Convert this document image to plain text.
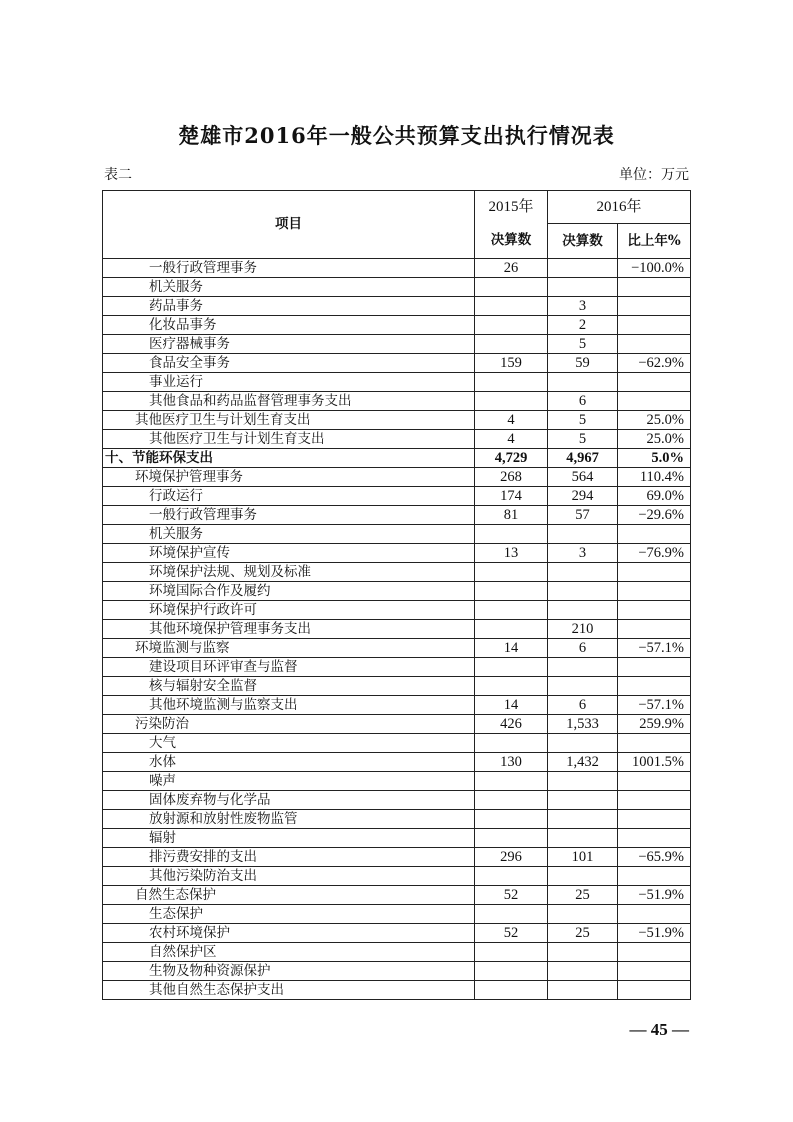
楚雄市2016年一般公共预算支出执行情况表
表二	单位：万元
项目	2015年	2016年	
	决算数	决算数	比上年%
一般行政管理事务	26		−100.0%
机关服务			
药品事务		3	
化妆品事务		2	
医疗器械事务		5	
食品安全事务	159	59	−62.9%
事业运行			
其他食品和药品监督管理事务支出		6	
其他医疗卫生与计划生育支出	4	5	25.0%
其他医疗卫生与计划生育支出	4	5	25.0%
十、节能环保支出	4,729	4,967	5.0%
环境保护管理事务	268	564	110.4%
行政运行	174	294	69.0%
一般行政管理事务	81	57	−29.6%
机关服务			
环境保护宣传	13	3	−76.9%
环境保护法规、规划及标准			
环境国际合作及履约			
环境保护行政许可			
其他环境保护管理事务支出		210	
环境监测与监察	14	6	−57.1%
建设项目环评审查与监督			
核与辐射安全监督			
其他环境监测与监察支出	14	6	−57.1%
污染防治	426	1,533	259.9%
大气			
水体	130	1,432	1001.5%
噪声			
固体废弃物与化学品			
放射源和放射性废物监管			
辐射			
排污费安排的支出	296	101	−65.9%
其他污染防治支出			
自然生态保护	52	25	−51.9%
生态保护			
农村环境保护	52	25	−51.9%
自然保护区			
生物及物种资源保护			
其他自然生态保护支出			
— 45 —
